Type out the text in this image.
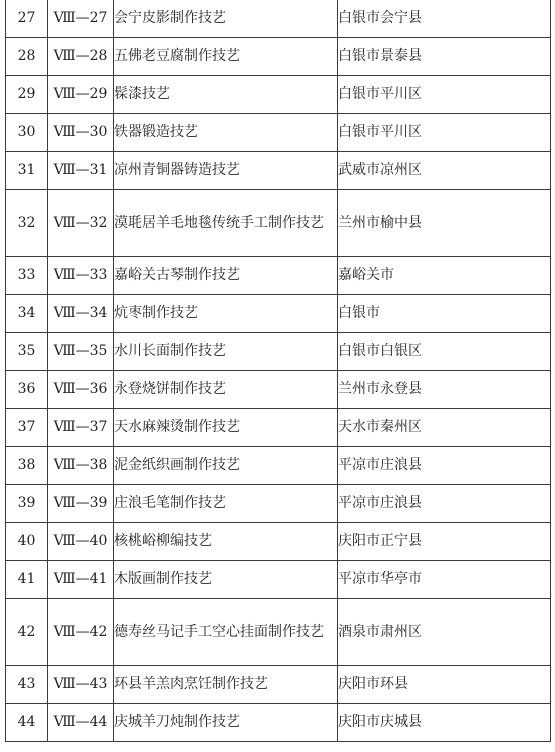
27	Ⅷ—27	会宁皮影制作技艺	白银市会宁县
28	Ⅷ—28	五佛老豆腐制作技艺	白银市景泰县
29	Ⅷ—29	髹漆技艺	白银市平川区
30	Ⅷ—30	铁器锻造技艺	白银市平川区
31	Ⅷ—31	凉州青铜器铸造技艺	武威市凉州区
32	Ⅷ—32	漠毦居羊毛地毯传统手工制作技艺	兰州市榆中县
33	Ⅷ—33	嘉峪关古琴制作技艺	嘉峪关市
34	Ⅷ—34	炕枣制作技艺	白银市
35	Ⅷ—35	水川长面制作技艺	白银市白银区
36	Ⅷ—36	永登烧饼制作技艺	兰州市永登县
37	Ⅷ—37	天水麻辣烫制作技艺	天水市秦州区
38	Ⅷ—38	泥金纸织画制作技艺	平凉市庄浪县
39	Ⅷ—39	庄浪毛笔制作技艺	平凉市庄浪县
40	Ⅷ—40	核桃峪柳编技艺	庆阳市正宁县
41	Ⅷ—41	木版画制作技艺	平凉市华亭市
42	Ⅷ—42	德寿丝马记手工空心挂面制作技艺	酒泉市肃州区
43	Ⅷ—43	环县羊羔肉烹饪制作技艺	庆阳市环县
44	Ⅷ—44	庆城羊刀炖制作技艺	庆阳市庆城县
